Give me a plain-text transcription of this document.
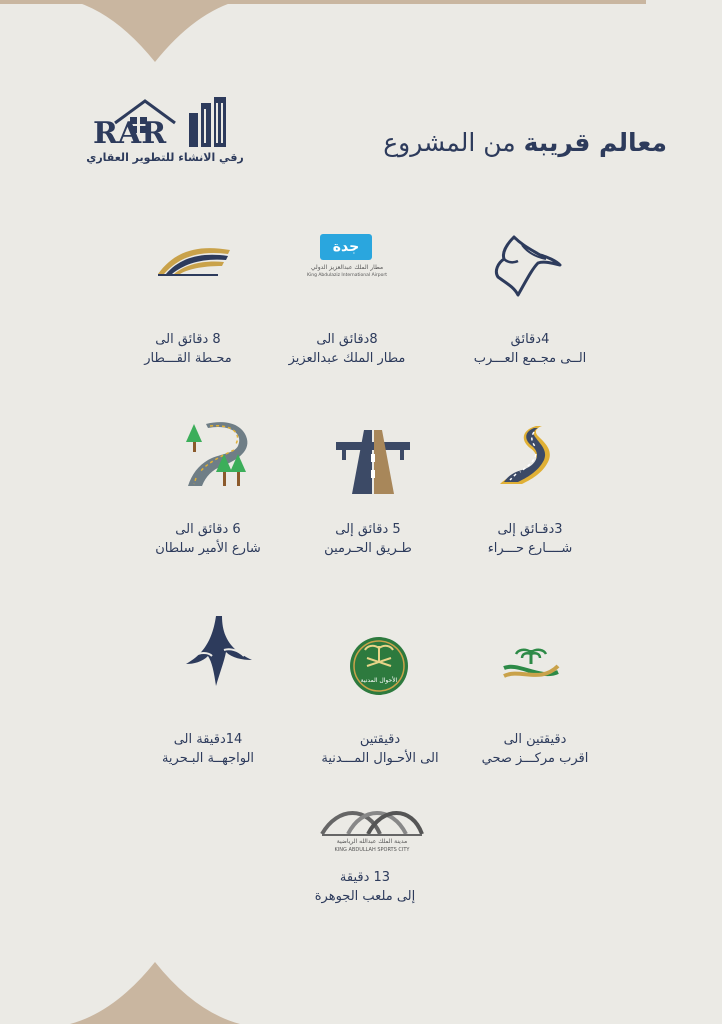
RAR
رقي الانشاء للتطوير العقاري
معالم قريبة من المشروع
4دقائق
الــى مجـمع العـــرب
جدة
مطار الملك عبدالعزيز الدولي
King Abdulaziz International Airport
8دقائق الى
مطار الملك عبدالعزيز
8 دقائق الى
محـطة القـــطار
3دقـائق إلى
شــــارع حـــراء
5 دقائق إلى
طـريق الحـرمين
6 دقائق الى
شارع الأمير سلطان
دقيقتين الى
اقرب مركـــز صحي
الأحوال المدنية
دقيقتين
الى الأحـوال المـــدنية
14دقيقة الى
الواجهــة البـحرية
مدينة الملك عبدالله الرياضية
KING ABDULLAH SPORTS CITY
13 دقيقة
إلى ملعب الجوهرة
